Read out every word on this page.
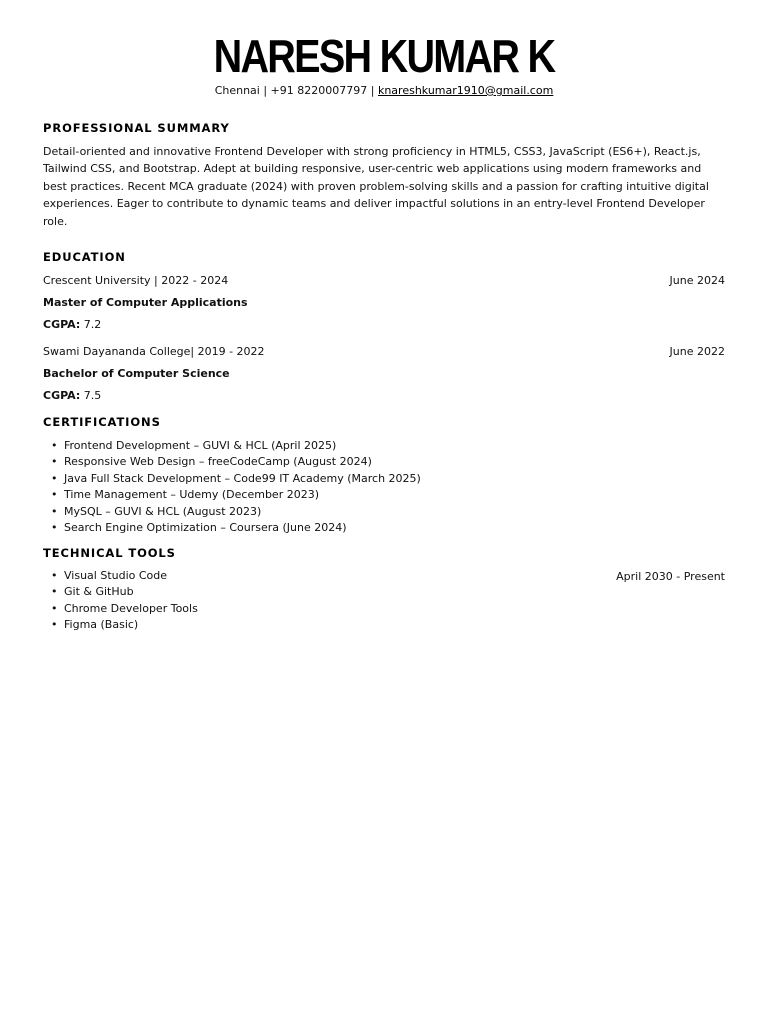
NARESH KUMAR K
Chennai | +91 8220007797 | knareshkumar1910@gmail.com
PROFESSIONAL SUMMARY
Detail-oriented and innovative Frontend Developer with strong proficiency in HTML5, CSS3, JavaScript (ES6+), React.js, Tailwind CSS, and Bootstrap. Adept at building responsive, user-centric web applications using modern frameworks and best practices. Recent MCA graduate (2024) with proven problem-solving skills and a passion for crafting intuitive digital experiences. Eager to contribute to dynamic teams and deliver impactful solutions in an entry-level Frontend Developer role.
EDUCATION
Crescent University | 2022 - 2024	June 2024
Master of Computer Applications
CGPA: 7.2
Swami Dayananda College| 2019 - 2022	June 2022
Bachelor of Computer Science
CGPA: 7.5
CERTIFICATIONS
• Frontend Development – GUVI & HCL (April 2025)
• Responsive Web Design – freeCodeCamp (August 2024)
• Java Full Stack Development – Code99 IT Academy (March 2025)
• Time Management – Udemy (December 2023)
• MySQL – GUVI & HCL (August 2023)
• Search Engine Optimization – Coursera (June 2024)
TECHNICAL TOOLS
April 2030 - Present
• Visual Studio Code
• Git & GitHub
• Chrome Developer Tools
• Figma (Basic)
